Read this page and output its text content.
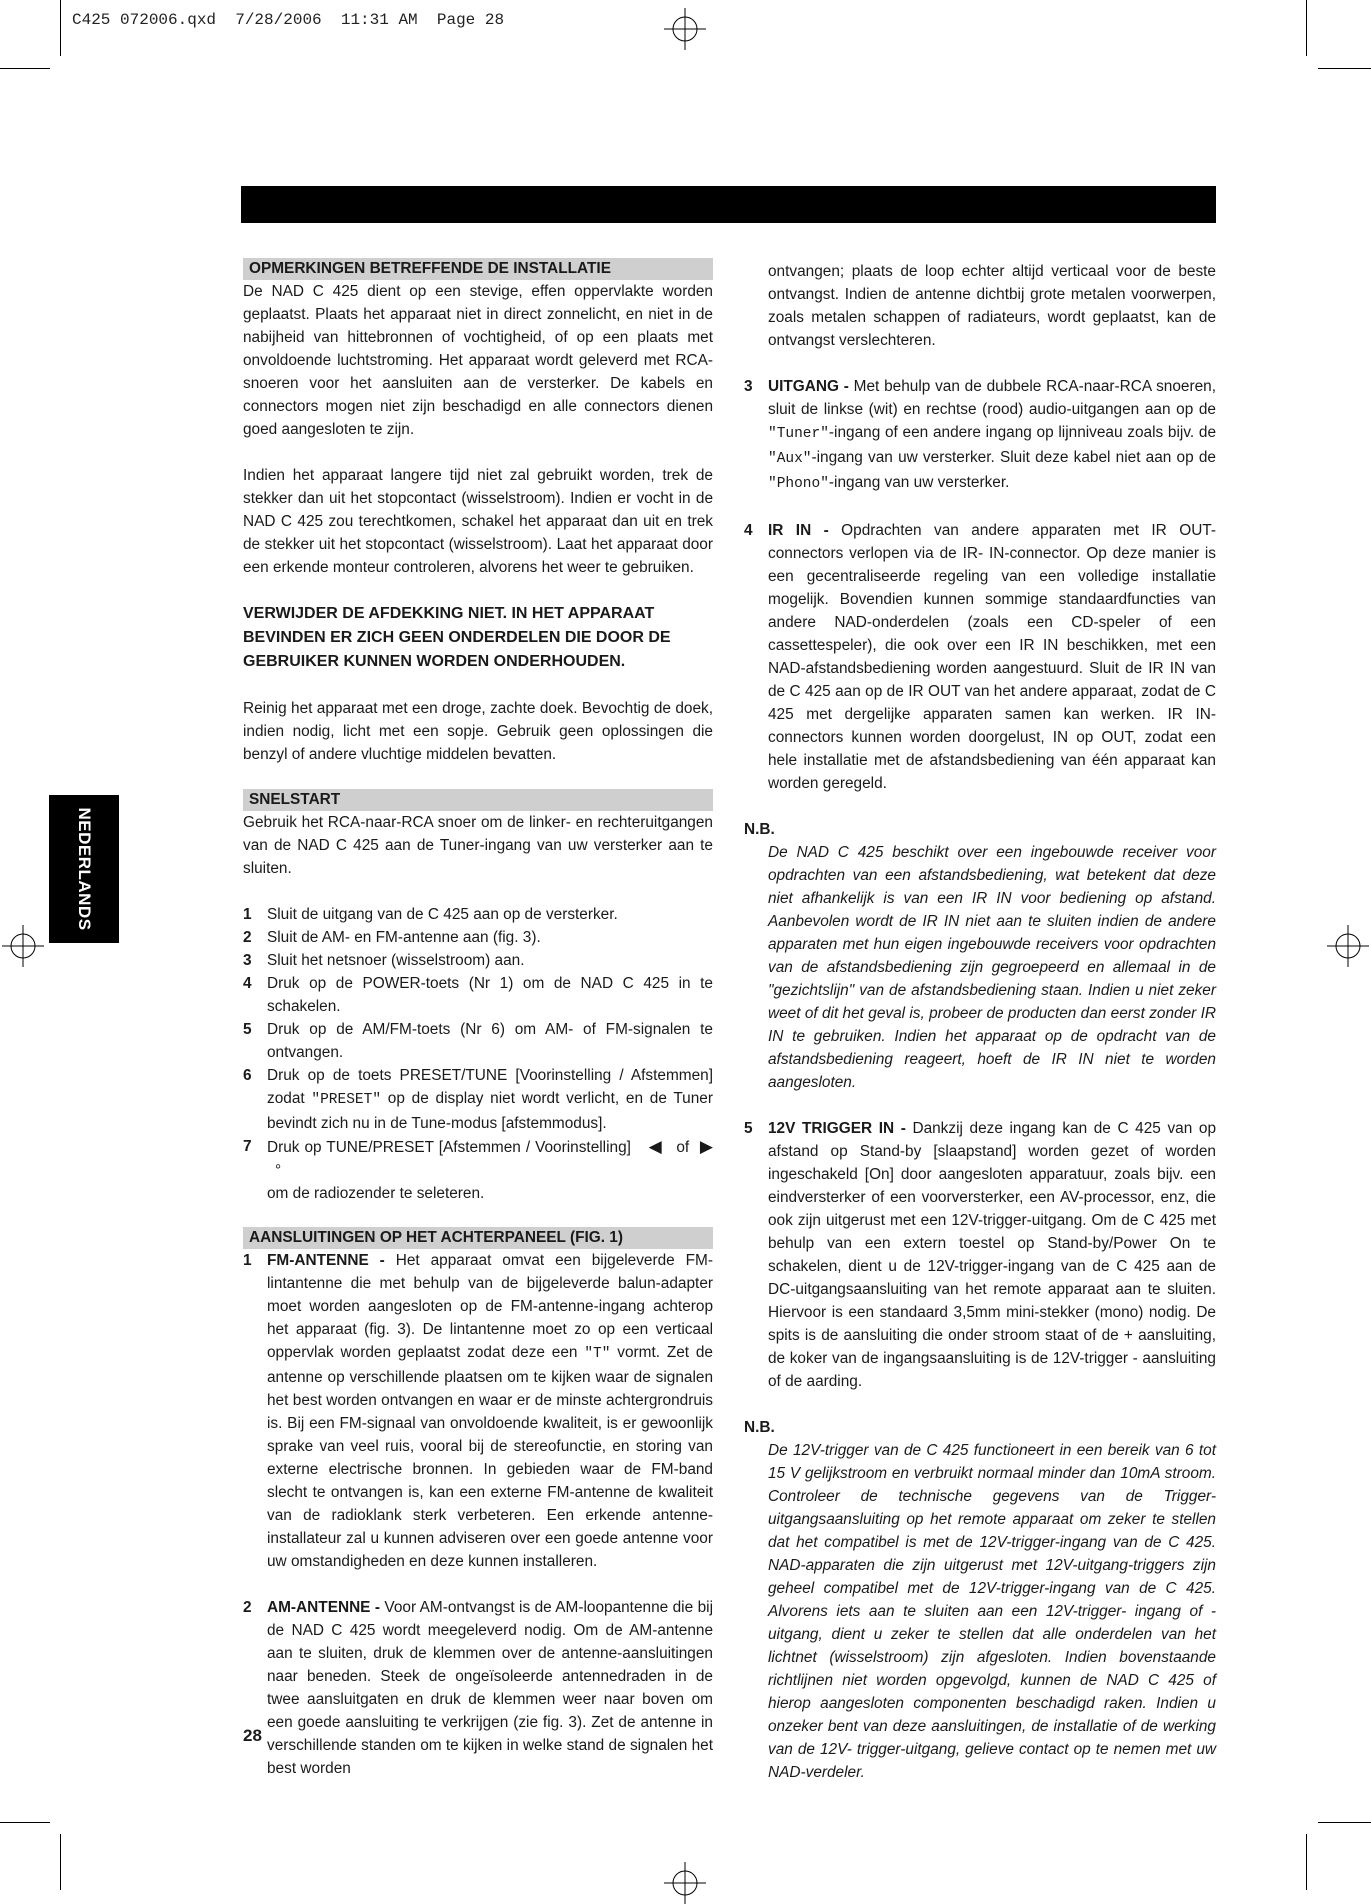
C425 072006.qxd  7/28/2006  11:31 AM  Page 28
NEDERLANDS

OPMERKINGEN BETREFFENDE DE INSTALLATIE

De NAD C 425 dient op een stevige, effen oppervlakte worden geplaatst. Plaats het apparaat niet in direct zonnelicht, en niet in de nabijheid van hittebronnen of vochtigheid, of op een plaats met onvoldoende luchtstroming. Het apparaat wordt geleverd met RCA-snoeren voor het aansluiten aan de versterker. De kabels en connectors mogen niet zijn beschadigd en alle connectors dienen goed aangesloten te zijn.

Indien het apparaat langere tijd niet zal gebruikt worden, trek de stekker dan uit het stopcontact (wisselstroom). Indien er vocht in de NAD C 425 zou terechtkomen, schakel het apparaat dan uit en trek de stekker uit het stopcontact (wisselstroom). Laat het apparaat door een erkende monteur controleren, alvorens het weer te gebruiken.

VERWIJDER DE AFDEKKING NIET. IN HET APPARAAT BEVINDEN ER ZICH GEEN ONDERDELEN DIE DOOR DE GEBRUIKER KUNNEN WORDEN ONDERHOUDEN.

Reinig het apparaat met een droge, zachte doek. Bevochtig de doek, indien nodig, licht met een sopje. Gebruik geen oplossingen die benzyl of andere vluchtige middelen bevatten.

SNELSTART

Gebruik het RCA-naar-RCA snoer om de linker- en rechteruitgangen van de NAD C 425 aan de Tuner-ingang van uw versterker aan te sluiten.

1	Sluit de uitgang van de C 425 aan op de versterker.
2	Sluit de AM- en FM-antenne aan (fig. 3).
3	Sluit het netsnoer (wisselstroom) aan.
4	Druk op de POWER-toets (Nr 1) om de NAD C 425 in te schakelen.
5	Druk op de AM/FM-toets (Nr 6) om AM- of FM-signalen te ontvangen.
6	Druk op de toets PRESET/TUNE [Voorinstelling / Afstemmen] zodat "PRESET" op de display niet wordt verlicht, en de Tuner bevindt zich nu in de Tune-modus [afstemmodus].
7	Druk op TUNE/PRESET [Afstemmen / Voorinstelling] ◀ of ▶°
om de radiozender te seleteren.

AANSLUITINGEN OP HET ACHTERPANEEL (FIG. 1)

1	FM-ANTENNE - Het apparaat omvat een bijgeleverde FM-lintantenne die met behulp van de bijgeleverde balun-adapter moet worden aangesloten op de FM-antenne-ingang achterop het apparaat (fig. 3). De lintantenne moet zo op een verticaal oppervlak worden geplaatst zodat deze een "T" vormt. Zet de antenne op verschillende plaatsen om te kijken waar de signalen het best worden ontvangen en waar er de minste achtergrondruis is. Bij een FM-signaal van onvoldoende kwaliteit, is er gewoonlijk sprake van veel ruis, vooral bij de stereofunctie, en storing van externe electrische bronnen. In gebieden waar de FM-band slecht te ontvangen is, kan een externe FM-antenne de kwaliteit van de radioklank sterk verbeteren. Een erkende antenne-installateur zal u kunnen adviseren over een goede antenne voor uw omstandigheden en deze kunnen installeren.
2	AM-ANTENNE - Voor AM-ontvangst is de AM-loopantenne die bij de NAD C 425 wordt meegeleverd nodig. Om de AM-antenne aan te sluiten, druk de klemmen over de antenne-aansluitingen naar beneden. Steek de ongeïsoleerde antennedraden in de twee aansluitgaten en druk de klemmen weer naar boven om een goede aansluiting te verkrijgen (zie fig. 3). Zet de antenne in verschillende standen om te kijken in welke stand de signalen het best worden

ontvangen; plaats de loop echter altijd verticaal voor de beste ontvangst. Indien de antenne dichtbij grote metalen voorwerpen, zoals metalen schappen of radiateurs, wordt geplaatst, kan de ontvangst verslechteren.

3	UITGANG - Met behulp van de dubbele RCA-naar-RCA snoeren, sluit de linkse (wit) en rechtse (rood) audio-uitgangen aan op de "Tuner"-ingang of een andere ingang op lijnniveau zoals bijv. de "Aux"-ingang van uw versterker. Sluit deze kabel niet aan op de "Phono"-ingang van uw versterker.
4	IR IN - Opdrachten van andere apparaten met IR OUT-connectors verlopen via de IR- IN-connector. Op deze manier is een gecentraliseerde regeling van een volledige installatie mogelijk. Bovendien kunnen sommige standaardfuncties van andere NAD-onderdelen (zoals een CD-speler of een cassettespeler), die ook over een IR IN beschikken, met een NAD-afstandsbediening worden aangestuurd. Sluit de IR IN van de C 425 aan op de IR OUT van het andere apparaat, zodat de C 425 met dergelijke apparaten samen kan werken. IR IN-connectors kunnen worden doorgelust, IN op OUT, zodat een hele installatie met de afstandsbediening van één apparaat kan worden geregeld.

N.B.

De NAD C 425 beschikt over een ingebouwde receiver voor opdrachten van een afstandsbediening, wat betekent dat deze niet afhankelijk is van een IR IN voor bediening op afstand. Aanbevolen wordt de IR IN niet aan te sluiten indien de andere apparaten met hun eigen ingebouwde receivers voor opdrachten van de afstandsbediening zijn gegroepeerd en allemaal in de "gezichtslijn" van de afstandsbediening staan. Indien u niet zeker weet of dit het geval is, probeer de producten dan eerst zonder IR IN te gebruiken. Indien het apparaat op de opdracht van de afstandsbediening reageert, hoeft de IR IN niet te worden aangesloten.

5	12V TRIGGER IN - Dankzij deze ingang kan de C 425 van op afstand op Stand-by [slaapstand] worden gezet of worden ingeschakeld [On] door aangesloten apparatuur, zoals bijv. een eindversterker of een voorversterker, een AV-processor, enz, die ook zijn uitgerust met een 12V-trigger-uitgang. Om de C 425 met behulp van een extern toestel op Stand-by/Power On te schakelen, dient u de 12V-trigger-ingang van de C 425 aan de DC-uitgangsaansluiting van het remote apparaat aan te sluiten. Hiervoor is een standaard 3,5mm mini-stekker (mono) nodig. De spits is de aansluiting die onder stroom staat of de + aansluiting, de koker van de ingangsaansluiting is de 12V-trigger - aansluiting of de aarding.

N.B.

De 12V-trigger van de C 425 functioneert in een bereik van 6 tot 15 V gelijkstroom en verbruikt normaal minder dan 10mA stroom. Controleer de technische gegevens van de Trigger-uitgangsaansluiting op het remote apparaat om zeker te stellen dat het compatibel is met de 12V-trigger-ingang van de C 425. NAD-apparaten die zijn uitgerust met 12V-uitgang-triggers zijn geheel compatibel met de 12V-trigger-ingang van de C 425. Alvorens iets aan te sluiten aan een 12V-trigger- ingang of -uitgang, dient u zeker te stellen dat alle onderdelen van het lichtnet (wisselstroom) zijn afgesloten. Indien bovenstaande richtlijnen niet worden opgevolgd, kunnen de NAD C 425 of hierop aangesloten componenten beschadigd raken. Indien u onzeker bent van deze aansluitingen, de installatie of de werking van de 12V- trigger-uitgang, gelieve contact op te nemen met uw NAD-verdeler.

28
